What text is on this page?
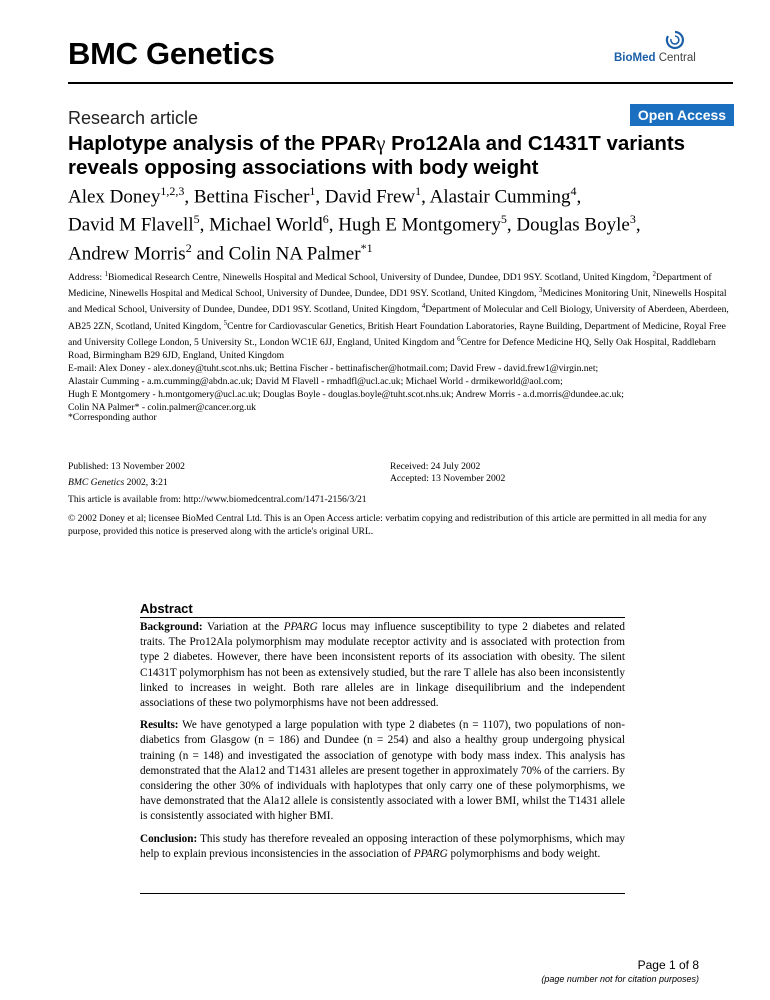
BMC Genetics	BioMed Central
Research article	Open Access
Haplotype analysis of the PPARγ Pro12Ala and C1431T variants reveals opposing associations with body weight
Alex Doney$^{1,2,3}$, Bettina Fischer$^1$, David Frew$^1$, Alastair Cumming$^4$,
David M Flavell$^5$, Michael World$^6$, Hugh E Montgomery$^5$, Douglas Boyle$^3$,
Andrew Morris$^2$ and Colin NA Palmer$^{*1}$
Address: $^1$Biomedical Research Centre, Ninewells Hospital and Medical School, University of Dundee, Dundee, DD1 9SY. Scotland, United Kingdom, $^2$Department of Medicine, Ninewells Hospital and Medical School, University of Dundee, Dundee, DD1 9SY. Scotland, United Kingdom, $^3$Medicines Monitoring Unit, Ninewells Hospital and Medical School, University of Dundee, Dundee, DD1 9SY. Scotland, United Kingdom, $^4$Department of Molecular and Cell Biology, University of Aberdeen, Aberdeen, AB25 2ZN, Scotland, United Kingdom, $^5$Centre for Cardiovascular Genetics, British Heart Foundation Laboratories, Rayne Building, Department of Medicine, Royal Free and University College London, 5 University St., London WC1E 6JJ, England, United Kingdom and $^6$Centre for Defence Medicine HQ, Selly Oak Hospital, Raddlebarn Road, Birmingham B29 6JD, England, United Kingdom
E-mail: Alex Doney - alex.doney@tuht.scot.nhs.uk; Bettina Fischer - bettinafischer@hotmail.com; David Frew - david.frew1@virgin.net;
Alastair Cumming - a.m.cumming@abdn.ac.uk; David M Flavell - rmhadfl@ucl.ac.uk; Michael World - drmikeworld@aol.com;
Hugh E Montgomery - h.montgomery@ucl.ac.uk; Douglas Boyle - douglas.boyle@tuht.scot.nhs.uk; Andrew Morris - a.d.morris@dundee.ac.uk;
Colin NA Palmer* - colin.palmer@cancer.org.uk
*Corresponding author
Published: 13 November 2002
BMC Genetics 2002, 3:21
Received: 24 July 2002
Accepted: 13 November 2002
This article is available from: http://www.biomedcentral.com/1471-2156/3/21
© 2002 Doney et al; licensee BioMed Central Ltd. This is an Open Access article: verbatim copying and redistribution of this article are permitted in all media for any purpose, provided this notice is preserved along with the article's original URL.
Abstract
Background: Variation at the PPARG locus may influence susceptibility to type 2 diabetes and related traits. The Pro12Ala polymorphism may modulate receptor activity and is associated with protection from type 2 diabetes. However, there have been inconsistent reports of its association with obesity. The silent C1431T polymorphism has not been as extensively studied, but the rare T allele has also been inconsistently linked to increases in weight. Both rare alleles are in linkage disequilibrium and the independent associations of these two polymorphisms have not been addressed.
Results: We have genotyped a large population with type 2 diabetes (n = 1107), two populations of non-diabetics from Glasgow (n = 186) and Dundee (n = 254) and also a healthy group undergoing physical training (n = 148) and investigated the association of genotype with body mass index. This analysis has demonstrated that the Ala12 and T1431 alleles are present together in approximately 70% of the carriers. By considering the other 30% of individuals with haplotypes that only carry one of these polymorphisms, we have demonstrated that the Ala12 allele is consistently associated with a lower BMI, whilst the T1431 allele is consistently associated with higher BMI.
Conclusion: This study has therefore revealed an opposing interaction of these polymorphisms, which may help to explain previous inconsistencies in the association of PPARG polymorphisms and body weight.
Page 1 of 8
(page number not for citation purposes)
